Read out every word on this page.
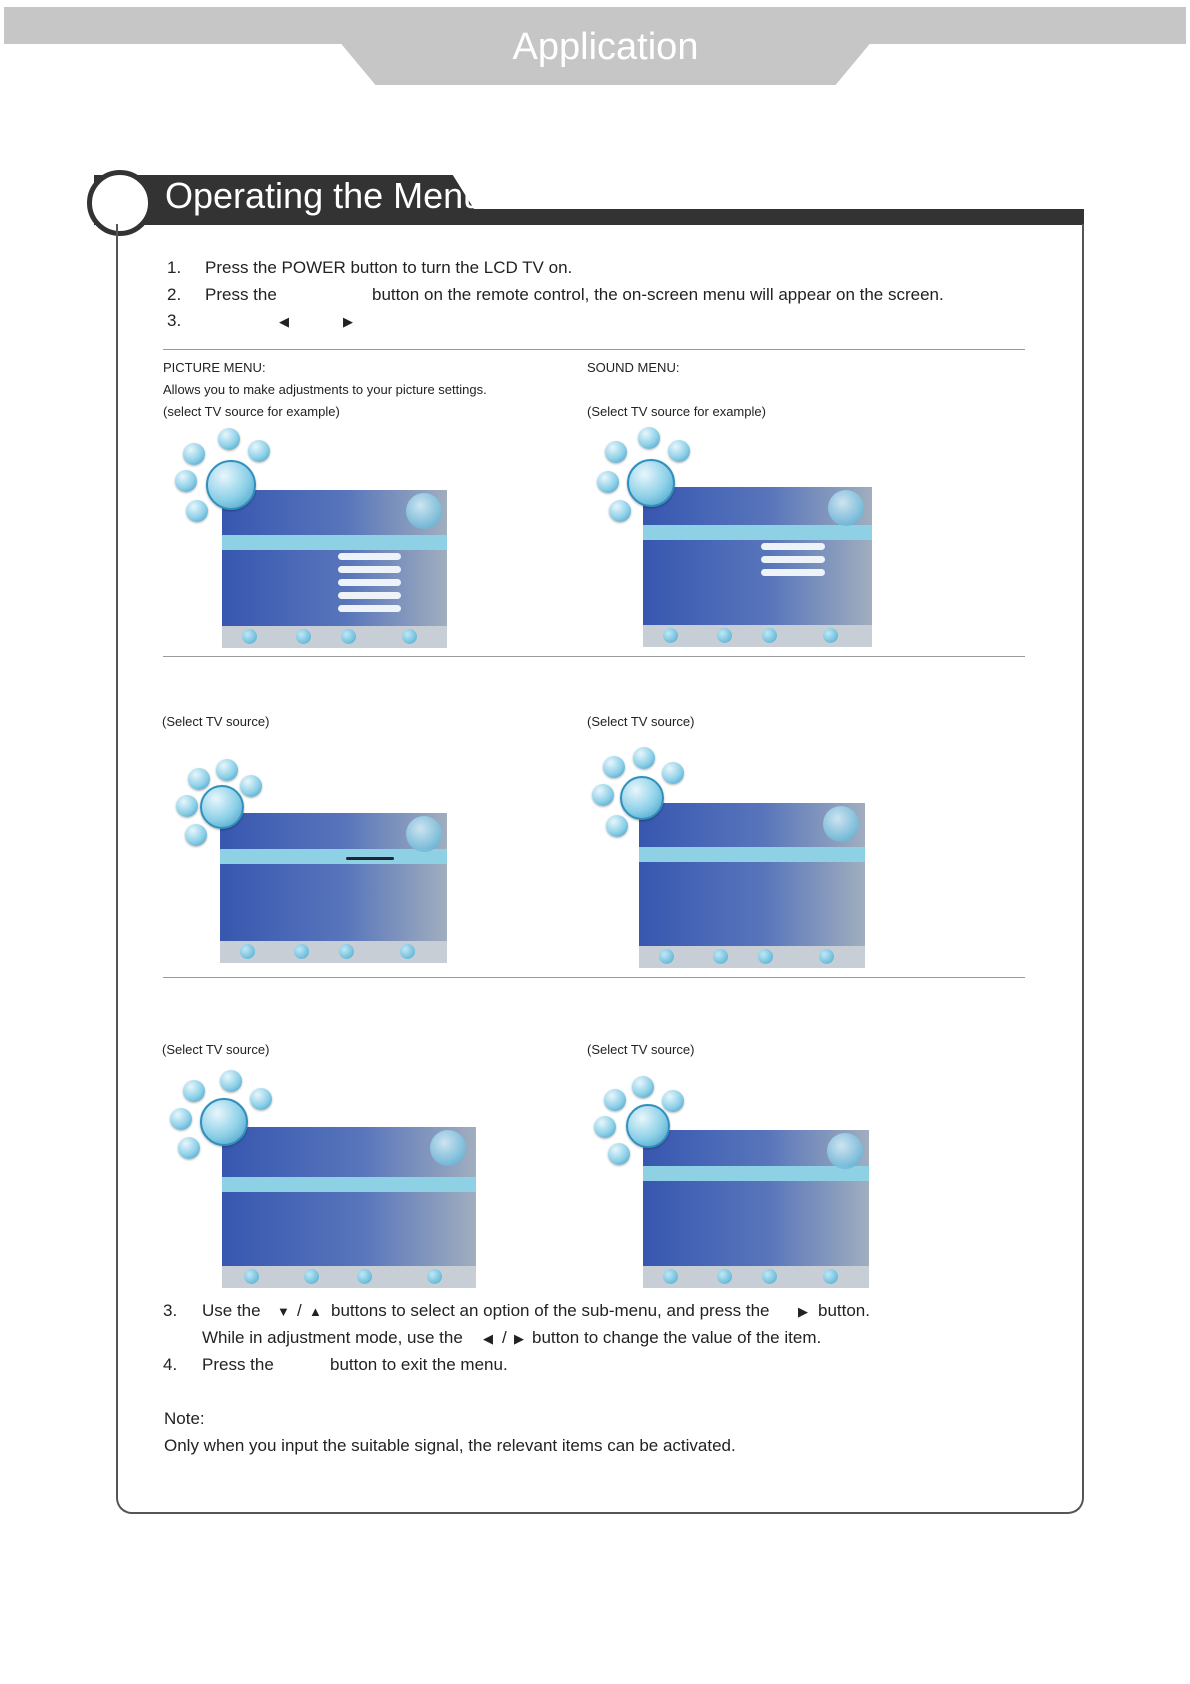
Application
Operating the Menu
1. Press the POWER button to turn the LCD TV on.
2. Press the	button on the remote control, the on-screen menu will appear on the screen.
3.	◀	▶
PICTURE MENU:
Allows you to make adjustments to your picture settings.
(select TV source for example)
SOUND MENU:
(Select TV source for example)
(Select TV source)	(Select TV source)
(Select TV source)	(Select TV source)
3. Use the ▼ / ▲ buttons to select an option of the sub-menu, and press the ▶ button.
While in adjustment mode, use the ◀ / ▶ button to change the value of the item.
4. Press the	button to exit the menu.
Note:
Only when you input the suitable signal, the relevant items can be activated.
